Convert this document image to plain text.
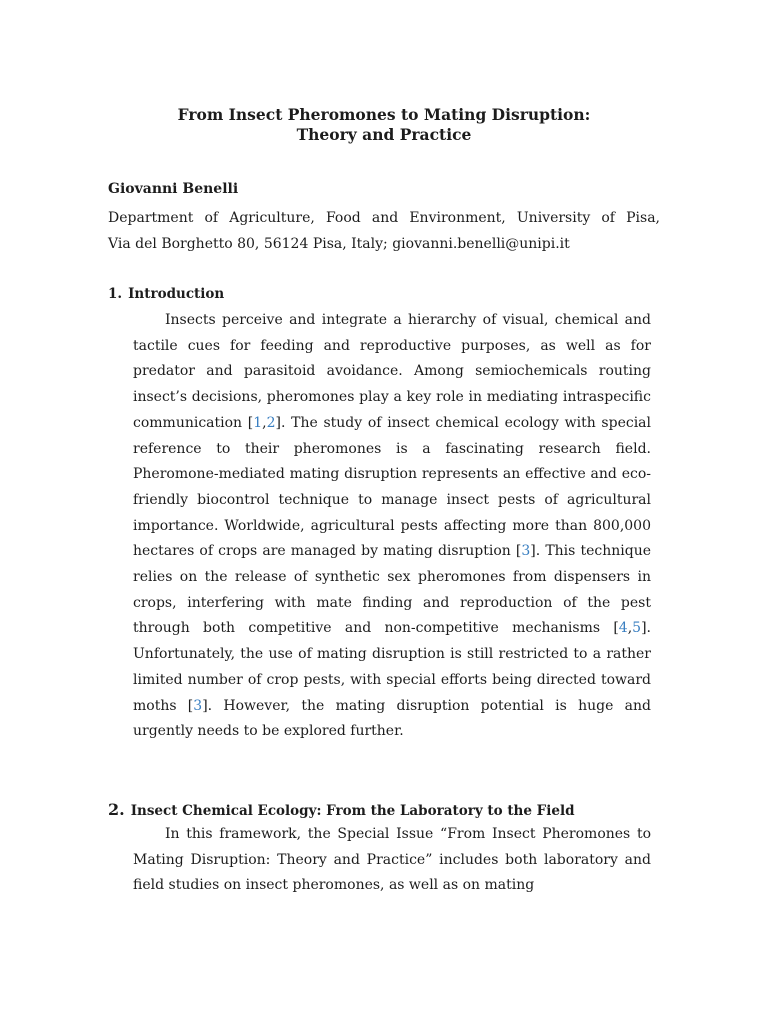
From Insect Pheromones to Mating Disruption:
Theory and Practice
Giovanni Benelli
Department of Agriculture, Food and Environment, University of Pisa,
Via del Borghetto 80, 56124 Pisa, Italy; giovanni.benelli@unipi.it
1. Introduction
Insects perceive and integrate a hierarchy of visual, chemical and tactile cues for feeding and reproductive purposes, as well as for predator and parasitoid avoidance. Among semiochemicals routing insect’s decisions, pheromones play a key role in mediating intraspecific communication [1,2]. The study of insect chemical ecology with special reference to their pheromones is a fascinating research field. Pheromone-mediated mating disruption represents an effective and eco-friendly biocontrol technique to manage insect pests of agricultural importance. Worldwide, agricultural pests affecting more than 800,000 hectares of crops are managed by mating disruption [3]. This technique relies on the release of synthetic sex pheromones from dispensers in crops, interfering with mate finding and reproduction of the pest through both competitive and non-competitive mechanisms [4,5]. Unfortunately, the use of mating disruption is still restricted to a rather limited number of crop pests, with special efforts being directed toward moths [3]. However, the mating disruption potential is huge and urgently needs to be explored further.
2. Insect Chemical Ecology: From the Laboratory to the Field
In this framework, the Special Issue “From Insect Pheromones to Mating Disruption: Theory and Practice” includes both laboratory and field studies on insect pheromones, as well as on mating
